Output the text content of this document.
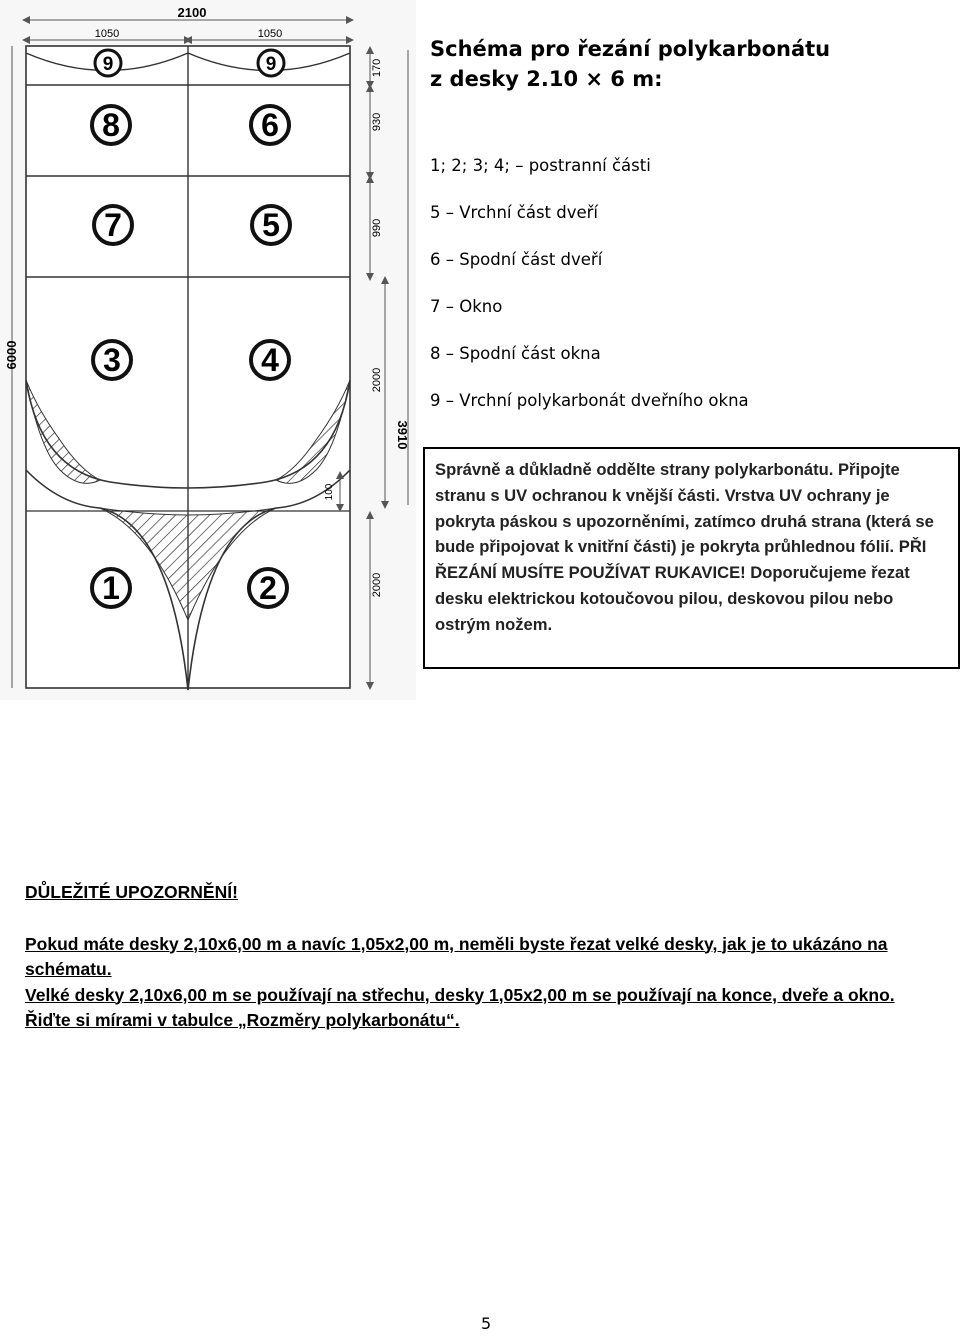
2100
1050	1050
6000
170
930
990
2000
3910
100
2000
9	9
8	6
7	5
3	4
1	2
Schéma pro řezání polykarbonátu
z desky 2.10 × 6 m:
1; 2; 3; 4; – postranní části
5 – Vrchní část dveří
6 – Spodní část dveří
7 – Okno
8 – Spodní část okna
9 – Vrchní polykarbonát dveřního okna
Správně a důkladně oddělte strany polykarbonátu. Připojte stranu s UV ochranou k vnější části. Vrstva UV ochrany je pokryta páskou s upozorněními, zatímco druhá strana (která se bude připojovat k vnitřní části) je pokryta průhlednou fólií. PŘI ŘEZÁNÍ MUSÍTE POUŽÍVAT RUKAVICE! Doporučujeme řezat desku elektrickou kotoučovou pilou, deskovou pilou nebo ostrým nožem.
DŮLEŽITÉ UPOZORNĚNÍ!
Pokud máte desky 2,10x6,00 m a navíc 1,05x2,00 m, neměli byste řezat velké desky, jak je to ukázáno na schématu.
Velké desky 2,10x6,00 m se používají na střechu, desky 1,05x2,00 m se používají na konce, dveře a okno. Řiďte si mírami v tabulce „Rozměry polykarbonátu“.
5
